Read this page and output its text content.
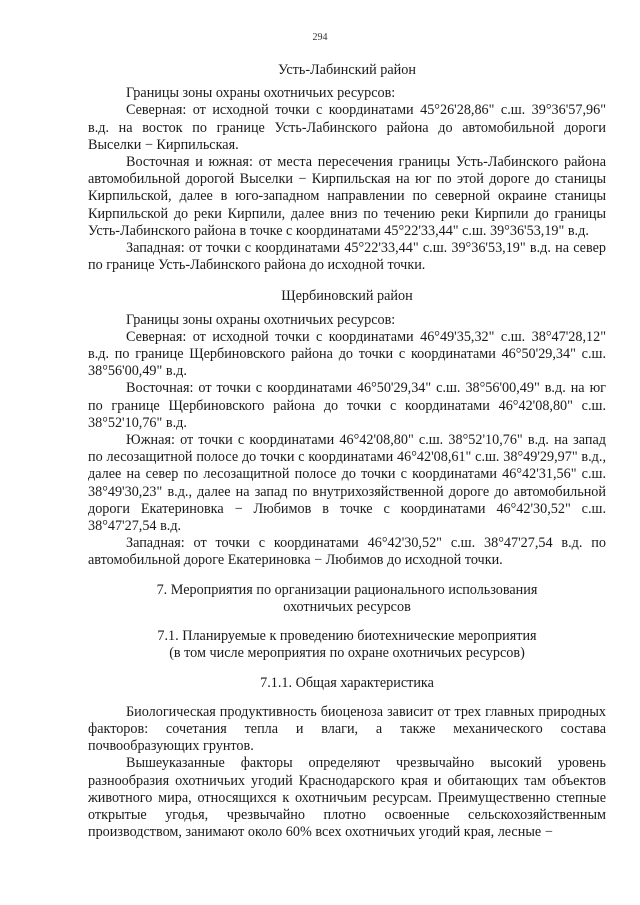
294
Усть-Лабинский район

Границы зоны охраны охотничьих ресурсов:

Северная: от исходной точки с координатами 45°26'28,86" с.ш. 39°36'57,96" в.д. на восток по границе Усть-Лабинского района до автомобильной дороги Выселки − Кирпильская.

Восточная и южная: от места пересечения границы Усть-Лабинского района автомобильной дорогой Выселки − Кирпильская на юг по этой дороге до станицы Кирпильской, далее в юго-западном направлении по северной окраине станицы Кирпильской до реки Кирпили, далее вниз по течению реки Кирпили до границы Усть-Лабинского района в точке с координатами 45°22'33,44" с.ш. 39°36'53,19" в.д.

Западная: от точки с координатами 45°22'33,44" с.ш. 39°36'53,19" в.д. на север по границе Усть-Лабинского района до исходной точки.

Щербиновский район

Границы зоны охраны охотничьих ресурсов:

Северная: от исходной точки с координатами 46°49'35,32" с.ш. 38°47'28,12" в.д. по границе Щербиновского района до точки с координатами 46°50'29,34" с.ш. 38°56'00,49" в.д.

Восточная: от точки с координатами 46°50'29,34" с.ш. 38°56'00,49" в.д. на юг по границе Щербиновского района до точки с координатами 46°42'08,80" с.ш. 38°52'10,76" в.д.

Южная: от точки с координатами 46°42'08,80" с.ш. 38°52'10,76" в.д. на запад по лесозащитной полосе до точки с координатами 46°42'08,61" с.ш. 38°49'29,97" в.д., далее на север по лесозащитной полосе до точки с координатами 46°42'31,56" с.ш. 38°49'30,23" в.д., далее на запад по внутрихозяйственной дороге до автомобильной дороги Екатериновка − Любимов в точке с координатами 46°42'30,52" с.ш. 38°47'27,54 в.д.

Западная: от точки с координатами 46°42'30,52" с.ш. 38°47'27,54 в.д. по автомобильной дороге Екатериновка − Любимов до исходной точки.

7. Мероприятия по организации рационального использования
охотничьих ресурсов
7.1. Планируемые к проведению биотехнические мероприятия
(в том числе мероприятия по охране охотничьих ресурсов)
7.1.1. Общая характеристика

Биологическая продуктивность биоценоза зависит от трех главных природных факторов: сочетания тепла и влаги, а также механического состава почвообразующих грунтов.

Вышеуказанные факторы определяют чрезвычайно высокий уровень разнообразия охотничьих угодий Краснодарского края и обитающих там объектов животного мира, относящихся к охотничьим ресурсам. Преимущественно степные открытые угодья, чрезвычайно плотно освоенные сельскохозяйственным производством, занимают около 60% всех охотничьих угодий края, лесные −
